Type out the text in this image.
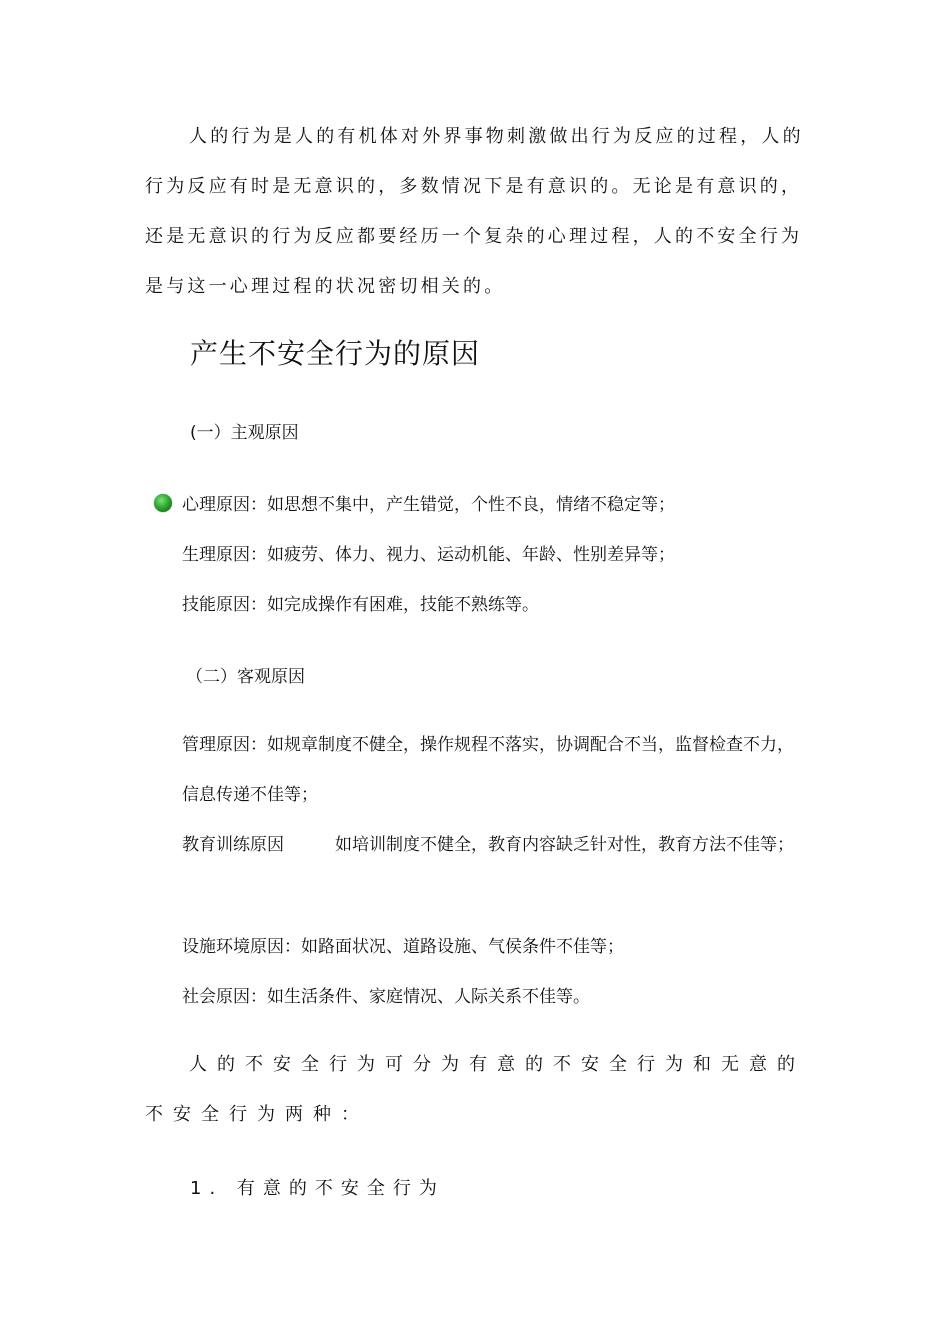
人的行为是人的有机体对外界事物刺激做出行为反应的过程，人的行为反应有时是无意识的，多数情况下是有意识的。无论是有意识的，还是无意识的行为反应都要经历一个复杂的心理过程，人的不安全行为是与这一心理过程的状况密切相关的。

产生不安全行为的原因

(一）主观原因

心理原因：如思想不集中，产生错觉，个性不良，情绪不稳定等；

生理原因：如疲劳、体力、视力、运动机能、年龄、性别差异等；

技能原因：如完成操作有困难，技能不熟练等。

（二）客观原因

管理原因：如规章制度不健全，操作规程不落实，协调配合不当，监督检查不力，信息传递不佳等；

教育训练原因　　　如培训制度不健全，教育内容缺乏针对性，教育方法不佳等；

设施环境原因：如路面状况、道路设施、气侯条件不佳等；

社会原因：如生活条件、家庭情况、人际关系不佳等。

人的不安全行为可分为有意的不安全行为和无意的不安全行为两种：

1. 有意的不安全行为
